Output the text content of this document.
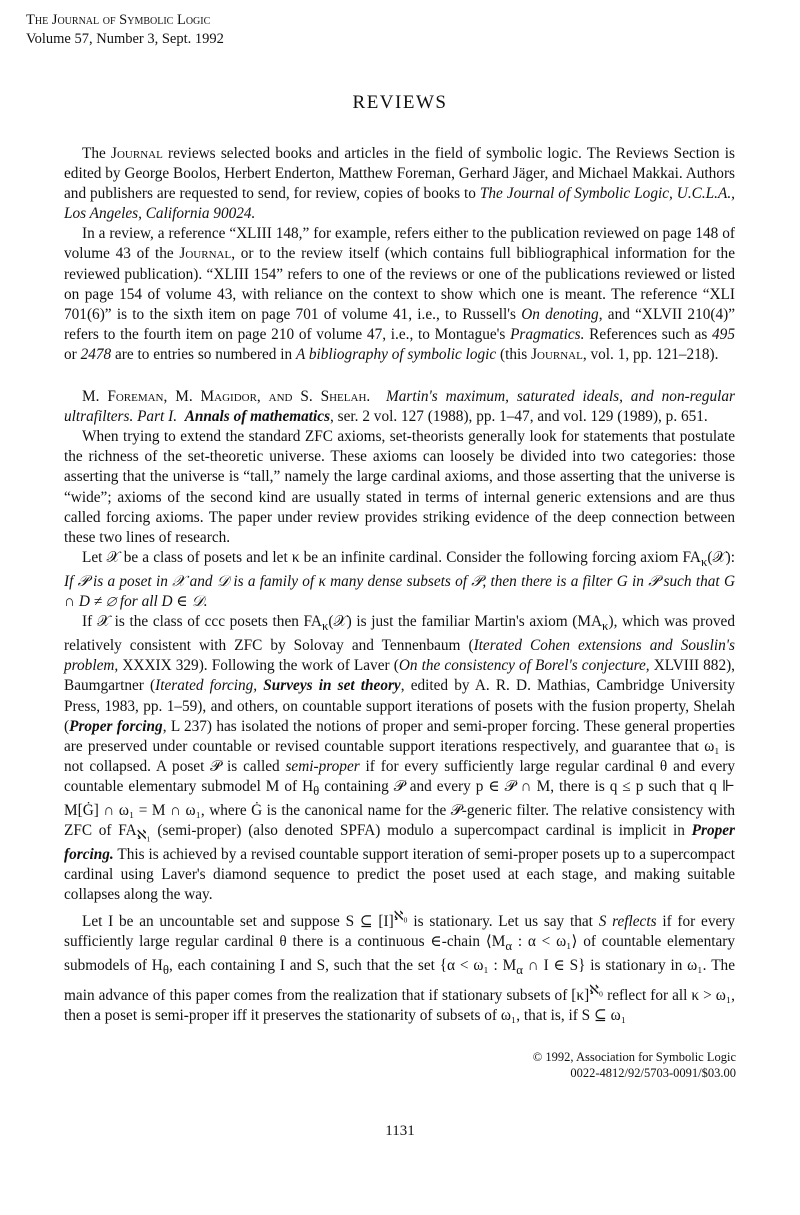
The Journal of Symbolic Logic
Volume 57, Number 3, Sept. 1992
REVIEWS

The Journal reviews selected books and articles in the field of symbolic logic. The Reviews Section is edited by George Boolos, Herbert Enderton, Matthew Foreman, Gerhard Jäger, and Michael Makkai. Authors and publishers are requested to send, for review, copies of books to The Journal of Symbolic Logic, U.C.L.A., Los Angeles, California 90024.

In a review, a reference “XLIII 148,” for example, refers either to the publication reviewed on page 148 of volume 43 of the Journal, or to the review itself (which contains full bibliographical information for the reviewed publication). “XLIII 154” refers to one of the reviews or one of the publications reviewed or listed on page 154 of volume 43, with reliance on the context to show which one is meant. The reference “XLI 701(6)” is to the sixth item on page 701 of volume 41, i.e., to Russell's On denoting, and “XLVII 210(4)” refers to the fourth item on page 210 of volume 47, i.e., to Montague's Pragmatics. References such as 495 or 2478 are to entries so numbered in A bibliography of symbolic logic (this Journal, vol. 1, pp. 121–218).

M. Foreman, M. Magidor, and S. Shelah. Martin's maximum, saturated ideals, and non-regular ultrafilters. Part I. Annals of mathematics, ser. 2 vol. 127 (1988), pp. 1–47, and vol. 129 (1989), p. 651.

When trying to extend the standard ZFC axioms, set-theorists generally look for statements that postulate the richness of the set-theoretic universe. These axioms can loosely be divided into two categories: those asserting that the universe is “tall,” namely the large cardinal axioms, and those asserting that the universe is “wide”; axioms of the second kind are usually stated in terms of internal generic extensions and are thus called forcing axioms. The paper under review provides striking evidence of the deep connection between these two lines of research.

Let 𝒳 be a class of posets and let κ be an infinite cardinal. Consider the following forcing axiom $FA_\kappa(𝒳)$: If 𝒫 is a poset in 𝒳 and 𝒟 is a family of κ many dense subsets of 𝒫, then there is a filter G in 𝒫 such that G ∩ D ≠ ∅ for all D ∈ 𝒟.

If 𝒳 is the class of ccc posets then $FA_\kappa(𝒳)$ is just the familiar Martin's axiom $(MA_\kappa)$, which was proved relatively consistent with ZFC by Solovay and Tennenbaum (Iterated Cohen extensions and Souslin's problem, XXXIX 329). Following the work of Laver (On the consistency of Borel's conjecture, XLVIII 882), Baumgartner (Iterated forcing, Surveys in set theory, edited by A. R. D. Mathias, Cambridge University Press, 1983, pp. 1–59), and others, on countable support iterations of posets with the fusion property, Shelah (Proper forcing, L 237) has isolated the notions of proper and semi-proper forcing. These general properties are preserved under countable or revised countable support iterations respectively, and guarantee that ω₁ is not collapsed. A poset 𝒫 is called semi-proper if for every sufficiently large regular cardinal θ and every countable elementary submodel M of $H_\theta$ containing 𝒫 and every p ∈ 𝒫 ∩ M, there is q ≤ p such that q ⊩ M[Ġ] ∩ ω₁ = M ∩ ω₁, where Ġ is the canonical name for the 𝒫-generic filter. The relative consistency with ZFC of $FA_{ℵ_1}$ (semi-proper) (also denoted SPFA) modulo a supercompact cardinal is implicit in Proper forcing. This is achieved by a revised countable support iteration of semi-proper posets up to a supercompact cardinal using Laver's diamond sequence to predict the poset used at each stage, and making suitable collapses along the way.

Let I be an uncountable set and suppose S ⊆ $[I]^{ℵ_0}$ is stationary. Let us say that S reflects if for every sufficiently large regular cardinal θ there is a continuous ∈-chain $⟨M_\alpha$ : α < ω₁⟩ of countable elementary submodels of $H_\theta$, each containing I and S, such that the set {α < ω₁ : $M_\alpha$ ∩ I ∈ S} is stationary in ω₁. The main advance of this paper comes from the realization that if stationary subsets of $[\kappa]^{ℵ_0}$ reflect for all κ > ω₁, then a poset is semi-proper iff it preserves the stationarity of subsets of ω₁, that is, if S ⊆ ω₁

© 1992, Association for Symbolic Logic
0022-4812/92/5703-0091/$03.00
1131
